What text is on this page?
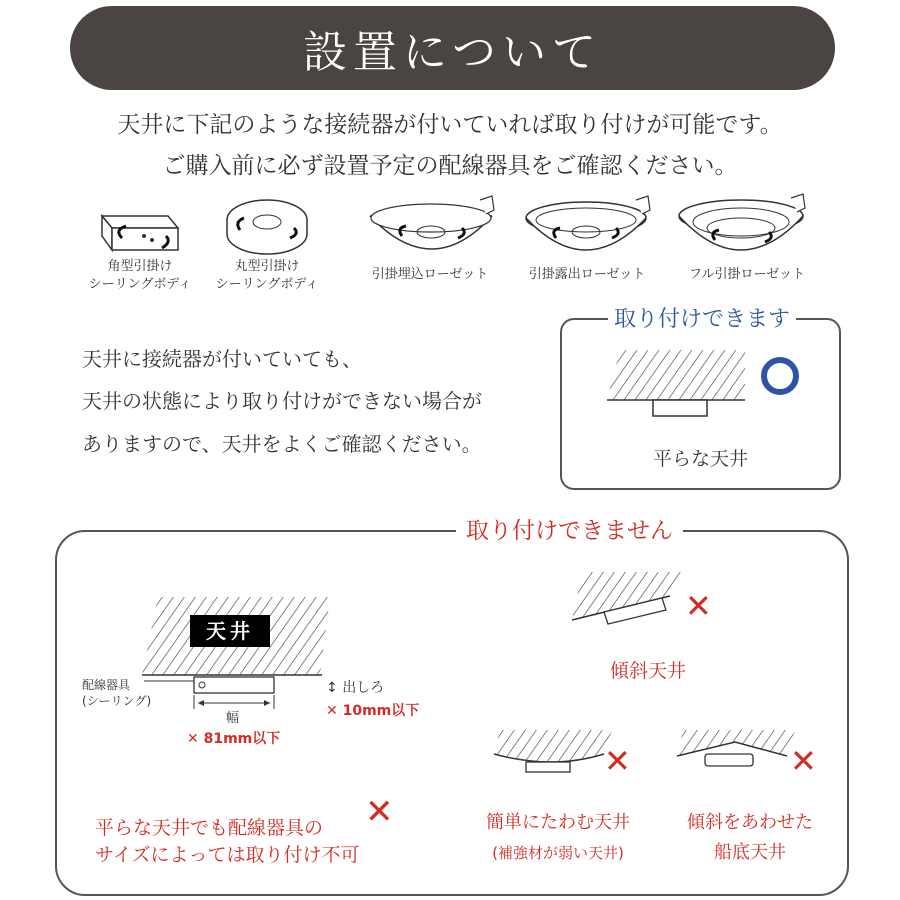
設置について
天井に下記のような接続器が付いていれば取り付けが可能です。
ご購入前に必ず設置予定の配線器具をご確認ください。
角型引掛け
シーリングボディ
丸型引掛け
シーリングボディ
引掛埋込ローゼット	引掛露出ローゼット	フル引掛ローゼット
天井に接続器が付いていても、
天井の状態により取り付けができない場合が
ありますので、天井をよくご確認ください。
取り付けできます
平らな天井
取り付けできません
天井
配線器具
(シーリング)
幅
✕ 81mm以下
↕ 出しろ
✕ 10mm以下
平らな天井でも配線器具の
サイズによっては取り付け不可
✕
✕
傾斜天井
✕
簡単にたわむ天井
(補強材が弱い天井)
✕
傾斜をあわせた
船底天井
